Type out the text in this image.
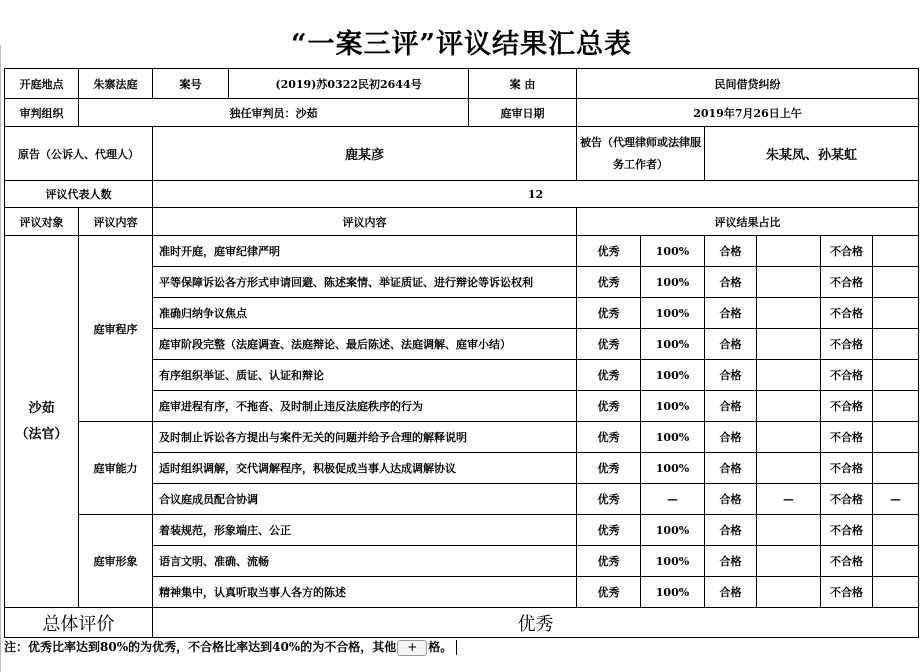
“一案三评”评议结果汇总表
开庭地点	朱寨法庭	案号	(2019)苏0322民初2644号	案 由	民间借贷纠纷					
审判组织	独任审判员：沙茹			庭审日期	2019年7月26日上午					
原告（公诉人、代理人）		鹿某彦			被告（代理律师或法律服务工作者）		朱某凤、孙某虹			
评议代表人数		12								
评议对象	评议内容	评议内容			评议结果占比					

沙茹
（法官）	庭审程序	准时开庭，庭审纪律严明			优秀	100%	合格		不合格	
		平等保障诉讼各方形式申请回避、陈述案情、举证质证、进行辩论等诉讼权利			优秀	100%	合格		不合格	
		准确归纳争议焦点			优秀	100%	合格		不合格	
		庭审阶段完整（法庭调查、法庭辩论、最后陈述、法庭调解、庭审小结）			优秀	100%	合格		不合格	
		有序组织举证、质证、认证和辩论			优秀	100%	合格		不合格	
		庭审进程有序，不拖沓、及时制止违反法庭秩序的行为			优秀	100%	合格		不合格	
	庭审能力	及时制止诉讼各方提出与案件无关的问题并给予合理的解释说明			优秀	100%	合格		不合格	
		适时组织调解，交代调解程序，积极促成当事人达成调解协议			优秀	100%	合格		不合格	
		合议庭成员配合协调			优秀	—	合格	—	不合格	—
	庭审形象	着装规范，形象端庄、公正			优秀	100%	合格		不合格	
		语言文明、准确、流畅			优秀	100%	合格		不合格	
		精神集中，认真听取当事人各方的陈述			优秀	100%	合格		不合格	
总体评价		优秀								
注：优秀比率达到80%的为优秀，不合格比率达到40%的为不合格，其他 + 格。
